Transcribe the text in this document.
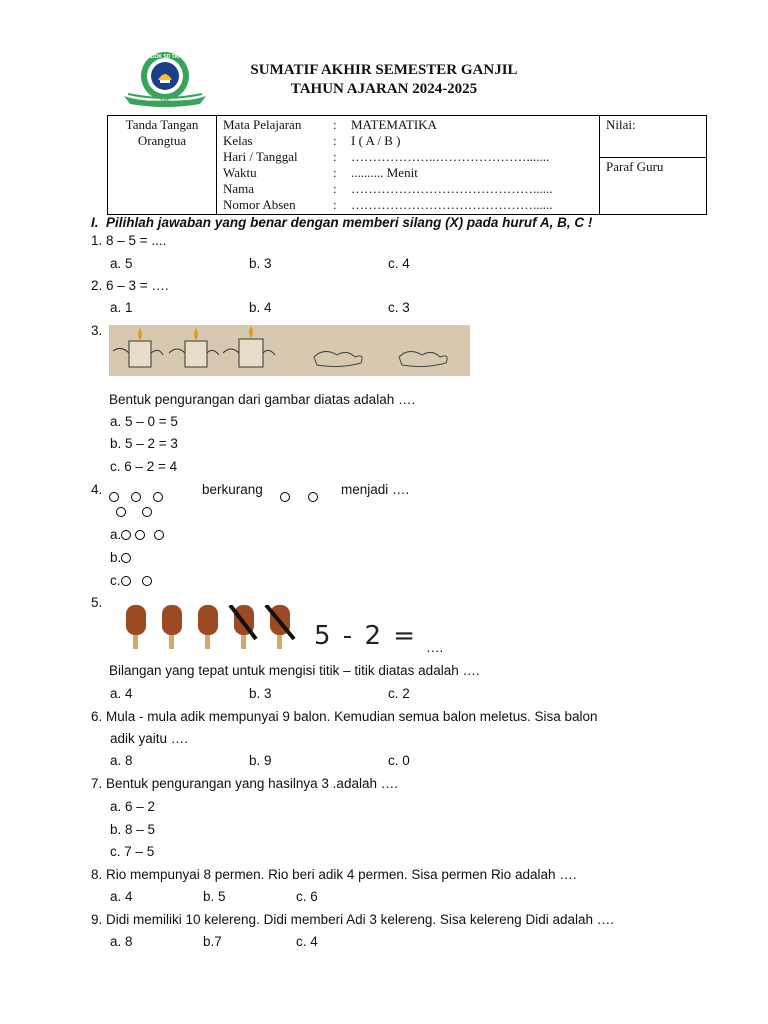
PONDOK SD TAHFIDZ
SD WULAN ASIH
SUMATIF AKHIR SEMESTER GANJIL
TAHUN AJARAN 2024-2025
Tanda Tangan
Orangtua

Mata Pelajaran : MATEMATIKA
Kelas	: I ( A / B )
Hari / Tanggal	: ………………..………………….......
Waktu	: .......... Menit
Nama	: ……………………………………......
Nomor Absen	: ……………………………………......

Nilai:
Paraf Guru
I. Pilihlah jawaban yang benar dengan memberi silang (X) pada huruf A, B, C !
1. 8 – 5 = ....
a. 5	b. 3	c. 4
2. 6 – 3 = ….
a. 1	b. 4	c. 3
3.
Bentuk pengurangan dari gambar diatas adalah ….
a. 5 – 0 = 5
b. 5 – 2 = 3
c. 6 – 2 = 4
4.

	berkurang
	menjadi ….
a.
b.
c.
5.
5 - 2 = ….
Bilangan yang tepat untuk mengisi titik – titik diatas adalah ….
a. 4	b. 3	c. 2
6. Mula - mula adik mempunyai 9 balon. Kemudian semua balon meletus. Sisa balon
adik yaitu ….
a. 8	b. 9	c. 0
7. Bentuk pengurangan yang hasilnya 3 .adalah ….
a. 6 – 2
b. 8 – 5
c. 7 – 5
8. Rio mempunyai 8 permen. Rio beri adik 4 permen. Sisa permen Rio adalah ….
a. 4	b. 5	c. 6
9. Didi memiliki 10 kelereng. Didi memberi Adi 3 kelereng. Sisa kelereng Didi adalah ….
a. 8	b.7	c. 4
